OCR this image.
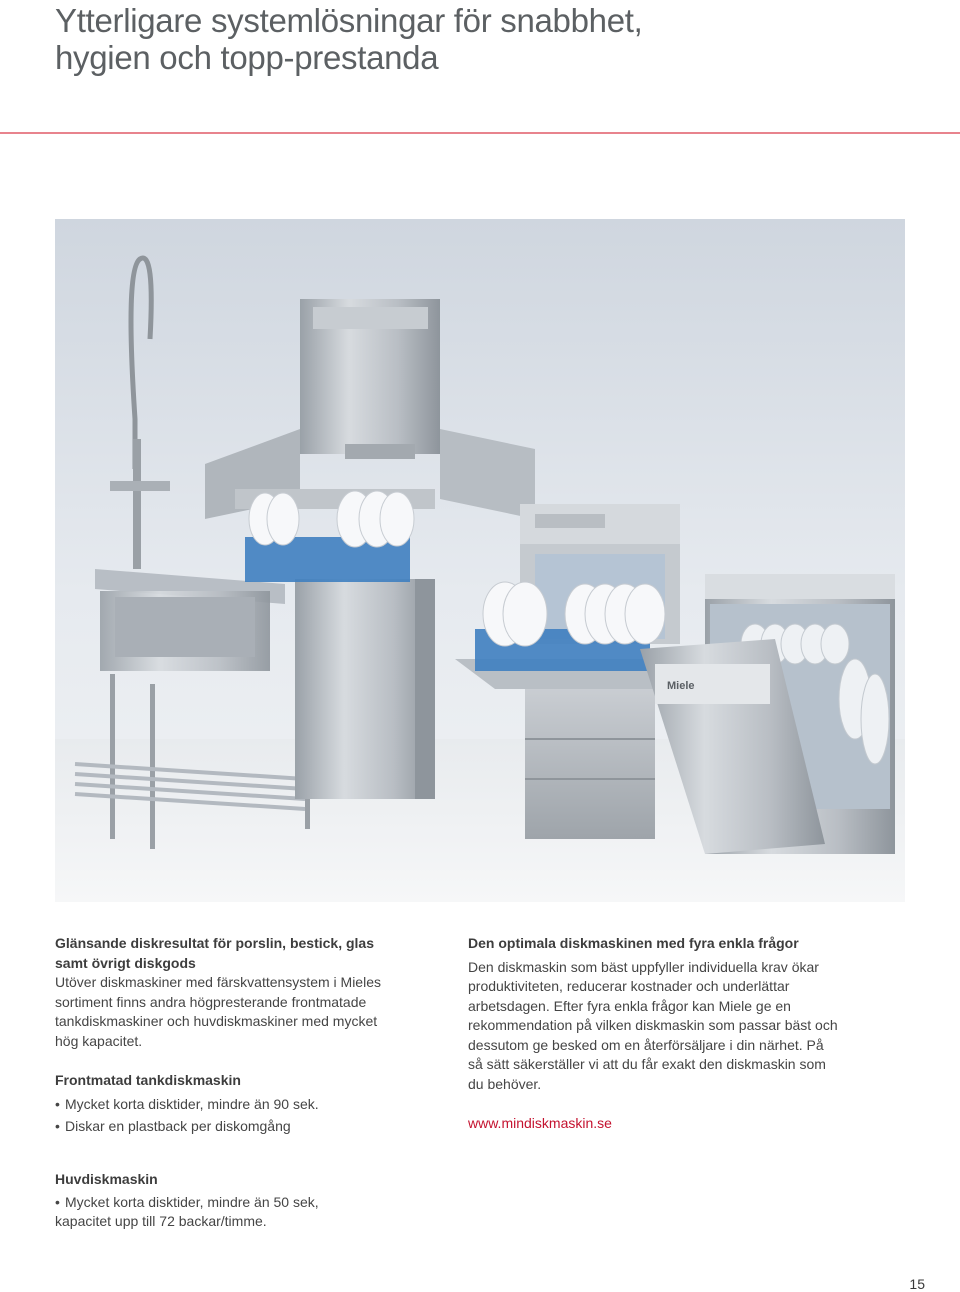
Ytterligare systemlösningar för snabbhet,
hygien och topp-prestanda
Miele

Glänsande diskresultat för porslin, bestick, glas samt övrigt diskgods

Utöver diskmaskiner med färskvattensystem i Mieles sortiment finns andra högpresterande frontmatade tankdiskmaskiner och huvdiskmaskiner med mycket hög kapacitet.

Frontmatad tankdiskmaskin

• Mycket korta disktider, mindre än 90 sek.

• Diskar en plastback per diskomgång

Huvdiskmaskin

• Mycket korta disktider, mindre än 50 sek,
kapacitet upp till 72 backar/timme.

Den optimala diskmaskinen med fyra enkla frågor

Den diskmaskin som bäst uppfyller individuella krav ökar produktiviteten, reducerar kostnader och underlättar arbetsdagen. Efter fyra enkla frågor kan Miele ge en rekommendation på vilken diskmaskin som passar bäst och dessutom ge besked om en återförsäljare i din närhet. På så sätt säkerställer vi att du får exakt den diskmaskin som du behöver.

www.mindiskmaskin.se

15
